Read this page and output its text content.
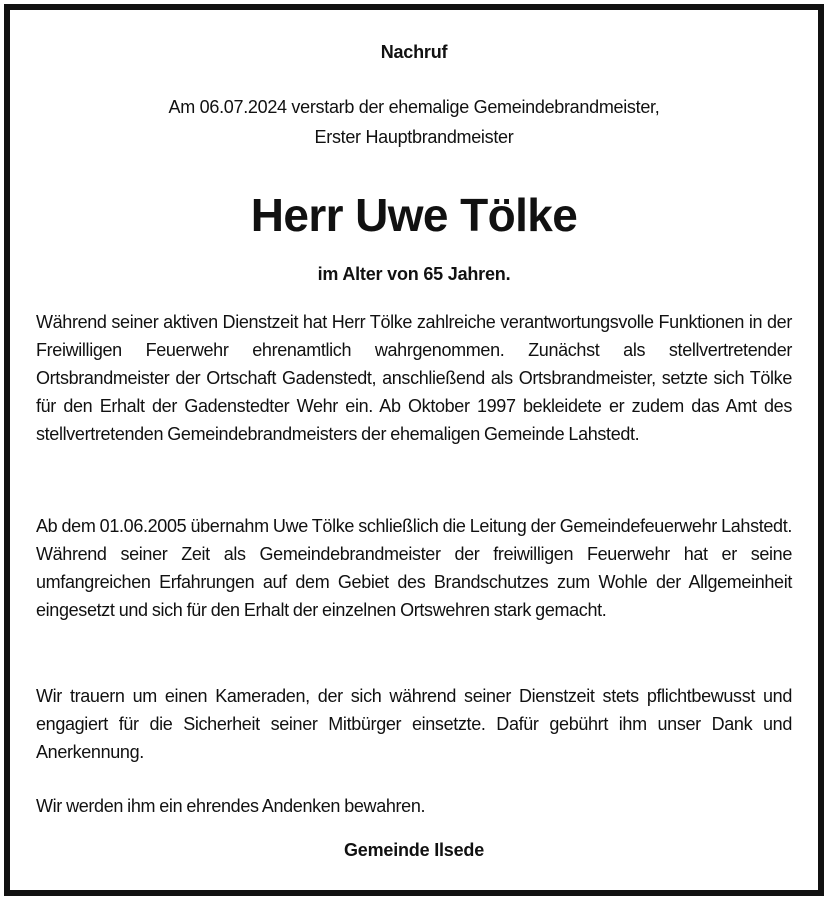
Nachruf
Am 06.07.2024 verstarb der ehemalige Gemeindebrandmeister,
Erster Hauptbrandmeister
Herr Uwe Tölke
im Alter von 65 Jahren.

Während seiner aktiven Dienstzeit hat Herr Tölke zahlreiche verantwortungsvolle Funktionen in der Freiwilligen Feuerwehr ehrenamtlich wahrgenommen. Zunächst als stellvertretender Ortsbrandmeister der Ortschaft Gadenstedt, anschließend als Ortsbrandmeister, setzte sich Tölke für den Erhalt der Gadenstedter Wehr ein. Ab Oktober 1997 bekleidete er zudem das Amt des stellvertretenden Gemeindebrandmeisters der ehemaligen Gemeinde Lahstedt.

Ab dem 01.06.2005 übernahm Uwe Tölke schließlich die Leitung der Gemeindefeuerwehr Lahstedt. Während seiner Zeit als Gemeindebrandmeister der freiwilligen Feuerwehr hat er seine umfangreichen Erfahrungen auf dem Gebiet des Brandschutzes zum Wohle der Allgemeinheit eingesetzt und sich für den Erhalt der einzelnen Ortswehren stark gemacht.

Wir trauern um einen Kameraden, der sich während seiner Dienstzeit stets pflichtbewusst und engagiert für die Sicherheit seiner Mitbürger einsetzte. Dafür gebührt ihm unser Dank und Anerkennung.

Wir werden ihm ein ehrendes Andenken bewahren.

Gemeinde Ilsede
